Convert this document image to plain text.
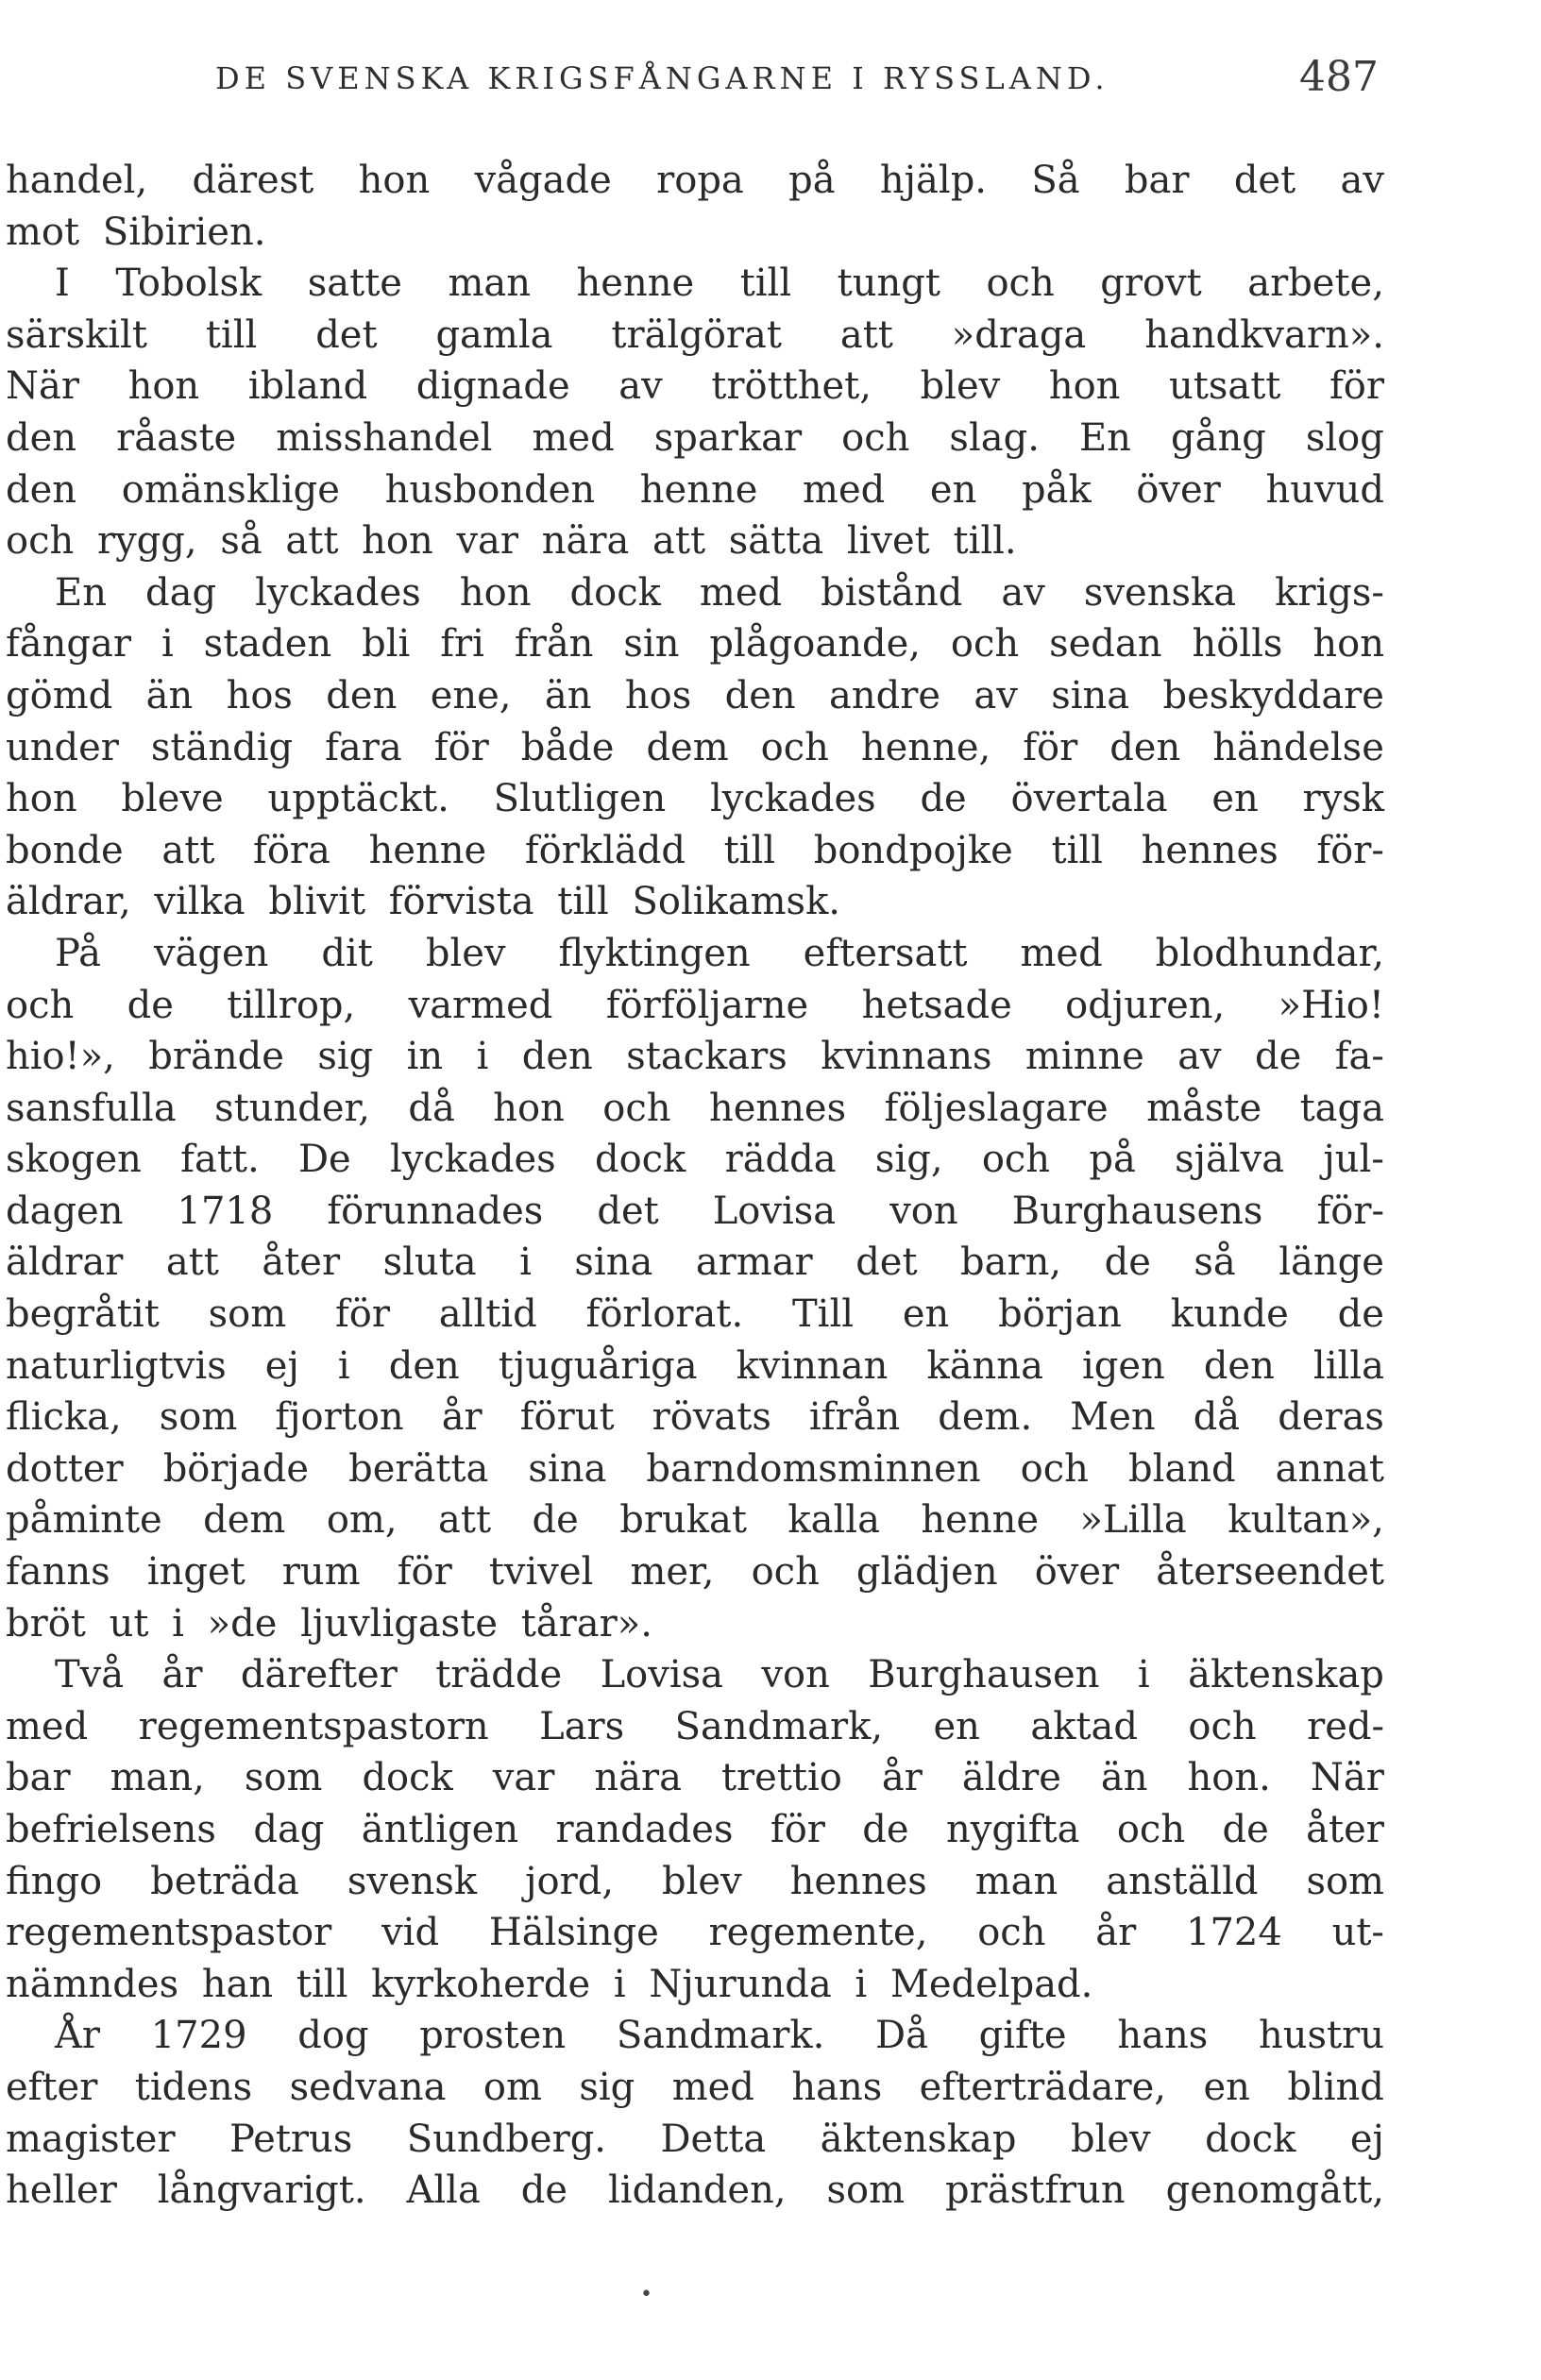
DE SVENSKA KRIGSFÅNGARNE I RYSSLAND.	487
handel, därest hon vågade ropa på hjälp. Så bar det av
mot Sibirien.
I Tobolsk satte man henne till tungt och grovt arbete,
särskilt till det gamla trälgörat att »draga handkvarn».
När hon ibland dignade av trötthet, blev hon utsatt för
den råaste misshandel med sparkar och slag. En gång slog
den omänsklige husbonden henne med en påk över huvud
och rygg, så att hon var nära att sätta livet till.
En dag lyckades hon dock med bistånd av svenska krigs-
fångar i staden bli fri från sin plågoande, och sedan hölls hon
gömd än hos den ene, än hos den andre av sina beskyddare
under ständig fara för både dem och henne, för den händelse
hon bleve upptäckt. Slutligen lyckades de övertala en rysk
bonde att föra henne förklädd till bondpojke till hennes för-
äldrar, vilka blivit förvista till Solikamsk.
På vägen dit blev flyktingen eftersatt med blodhundar,
och de tillrop, varmed förföljarne hetsade odjuren, »Hio!
hio!», brände sig in i den stackars kvinnans minne av de fa-
sansfulla stunder, då hon och hennes följeslagare måste taga
skogen fatt. De lyckades dock rädda sig, och på själva jul-
dagen 1718 förunnades det Lovisa von Burghausens för-
äldrar att åter sluta i sina armar det barn, de så länge
begråtit som för alltid förlorat. Till en början kunde de
naturligtvis ej i den tjuguåriga kvinnan känna igen den lilla
flicka, som fjorton år förut rövats ifrån dem. Men då deras
dotter började berätta sina barndomsminnen och bland annat
påminte dem om, att de brukat kalla henne »Lilla kultan»,
fanns inget rum för tvivel mer, och glädjen över återseendet
bröt ut i »de ljuvligaste tårar».
Två år därefter trädde Lovisa von Burghausen i äktenskap
med regementspastorn Lars Sandmark, en aktad och red-
bar man, som dock var nära trettio år äldre än hon. När
befrielsens dag äntligen randades för de nygifta och de åter
fingo beträda svensk jord, blev hennes man anställd som
regementspastor vid Hälsinge regemente, och år 1724 ut-
nämndes han till kyrkoherde i Njurunda i Medelpad.
År 1729 dog prosten Sandmark. Då gifte hans hustru
efter tidens sedvana om sig med hans efterträdare, en blind
magister Petrus Sundberg. Detta äktenskap blev dock ej
heller långvarigt. Alla de lidanden, som prästfrun genomgått,
•
